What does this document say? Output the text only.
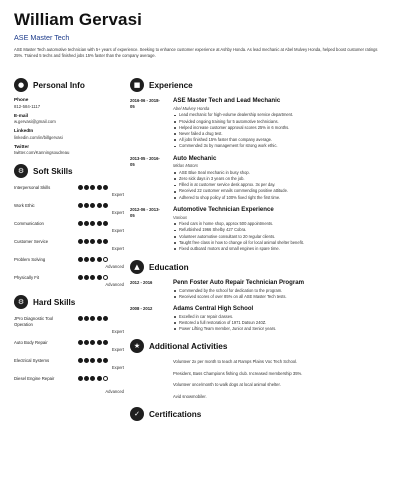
William Gervasi
ASE Master Tech
ASE Master Tech automotive technician with 5+ years of experience. Seeking to enhance customer experience at Ashby Honda. As lead mechanic at Abel Mulvey Honda, helped boost customer ratings 25%. Trained 5 techs and finished jobs 15% faster than the company average.
●	Personal Info
Phone
812-584-1117
E-mail
w.gervasi@gmail.com
LinkedIn
linkedin.com/in/billgervasi
Twitter
twitter.com/Kanningsoudreau
⚙	Soft Skills
Interpersonal Skills
Expert
Work Ethic
Expert
Communication
Expert
Customer Service
Expert
Problem Solving
Advanced
Physically Fit
Advanced
⚙	Hard Skills
JPro Diagnostic Tool Operation
Expert
Auto Body Repair
Expert
Electrical Systems
Expert
Diesel Engine Repair
Advanced
■	Experience
2016-06 - 2018-05
ASE Master Tech and Lead Mechanic
Abel Mulvey Honda
Lead mechanic for high-volume dealership service department.
Provided ongoing training for 5 automotive technicians.
Helped increase customer approval scores 25% in 6 months.
Never failed a drug test.
All jobs finished 15% faster than company average.
Commended 3x by management for strong work ethic.
2013-05 - 2016-05
Auto Mechanic
Midas Motors
ASE Blue Seal mechanic in busy shop.
Zero sick days in 3 years on the job.
Filled in at customer service desk approx. 3x per day.
Received 22 customer emails commending positive attitude.
Adhered to shop policy of 100% fixed right the first time.
2012-06 - 2013-05
Automotive Technician Experience
Various
Fixed cars in home shop, approx 500 appointments.
Refurbished 1966 Shelby 427 Cobra.
Volunteer automotive consultant to 20 regular clients.
Taught free class in how to change oil for local animal shelter benefit.
Fixed outboard motors and small engines in spare time.
▲	Education
2012 - 2016	Penn Foster Auto Repair Technician Program
Commended by the school for dedication to the program.
Received scores of over 85% on all ASE Master Tech tests.
2008 - 2012	Adams Central High School
Excelled in car repair classes.
Restored a full restoration of 1971 Datsun 240Z.
Power Lifting Team member, Junior and Senior years.
★	Additional Activities
Volunteer 2x per month to teach at Ramps Plains Voc Tech School.
President, Bass Champions fishing club. Increased membership 35%.
Volunteer once/month to walk dogs at local animal shelter.
Avid snowmobiler.
✓	Certifications
